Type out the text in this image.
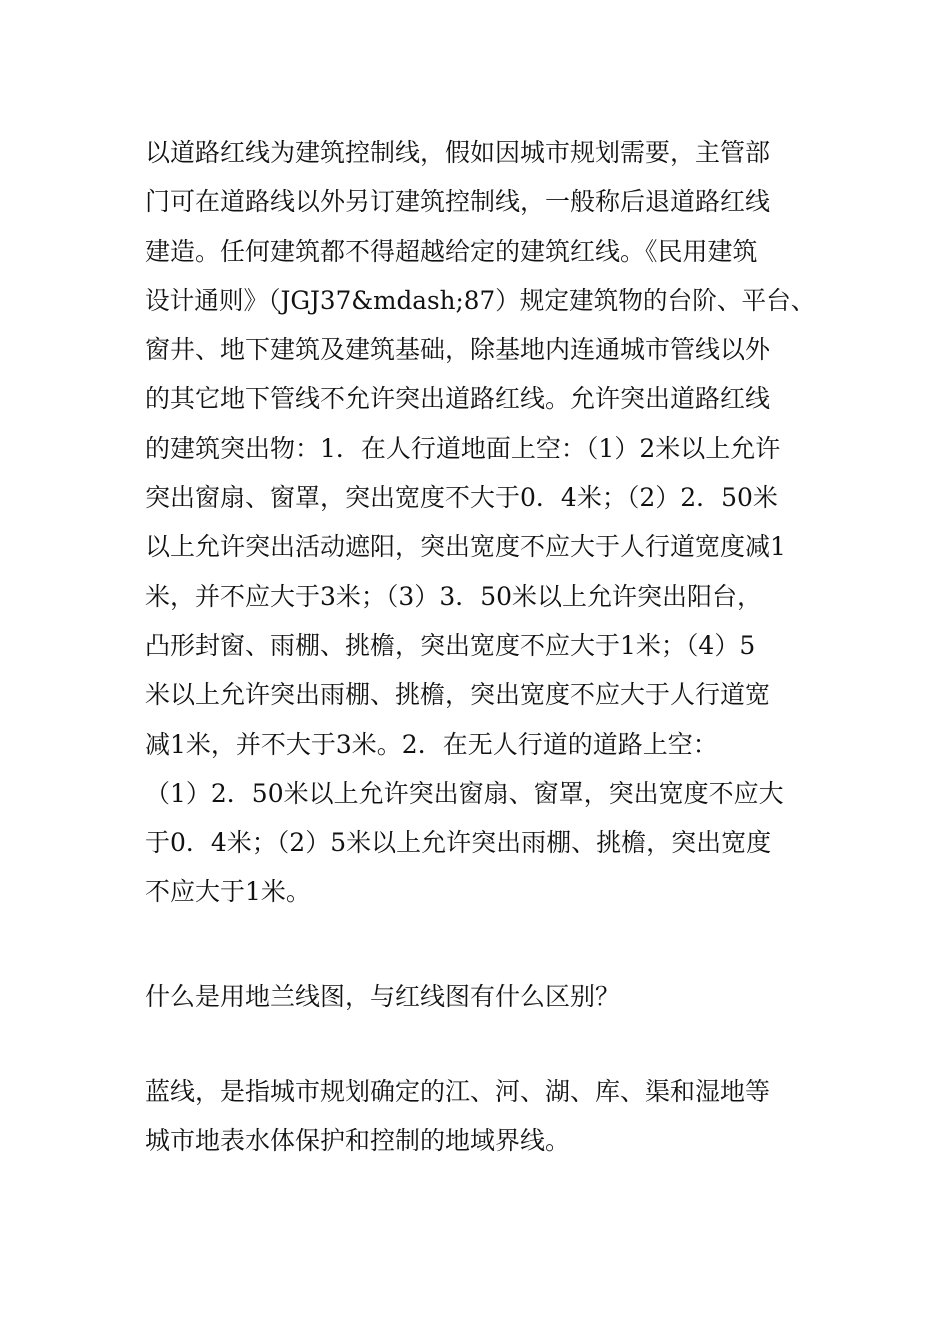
以道路红线为建筑控制线，假如因城市规划需要，主管部
门可在道路线以外另订建筑控制线，一般称后退道路红线
建造。任何建筑都不得超越给定的建筑红线。《民用建筑
设计通则》（JGJ37&mdash;87）规定建筑物的台阶、平台、
窗井、地下建筑及建筑基础，除基地内连通城市管线以外
的其它地下管线不允许突出道路红线。允许突出道路红线
的建筑突出物：1．在人行道地面上空：（1）2米以上允许
突出窗扇、窗罩，突出宽度不大于0．4米；（2）2．50米
以上允许突出活动遮阳，突出宽度不应大于人行道宽度减1
米，并不应大于3米；（3）3．50米以上允许突出阳台，
凸形封窗、雨棚、挑檐，突出宽度不应大于1米；（4）5
米以上允许突出雨棚、挑檐，突出宽度不应大于人行道宽
减1米，并不大于3米。2．在无人行道的道路上空：
（1）2．50米以上允许突出窗扇、窗罩，突出宽度不应大
于0．4米；（2）5米以上允许突出雨棚、挑檐，突出宽度
不应大于1米。
什么是用地兰线图，与红线图有什么区别？
蓝线，是指城市规划确定的江、河、湖、库、渠和湿地等
城市地表水体保护和控制的地域界线。
